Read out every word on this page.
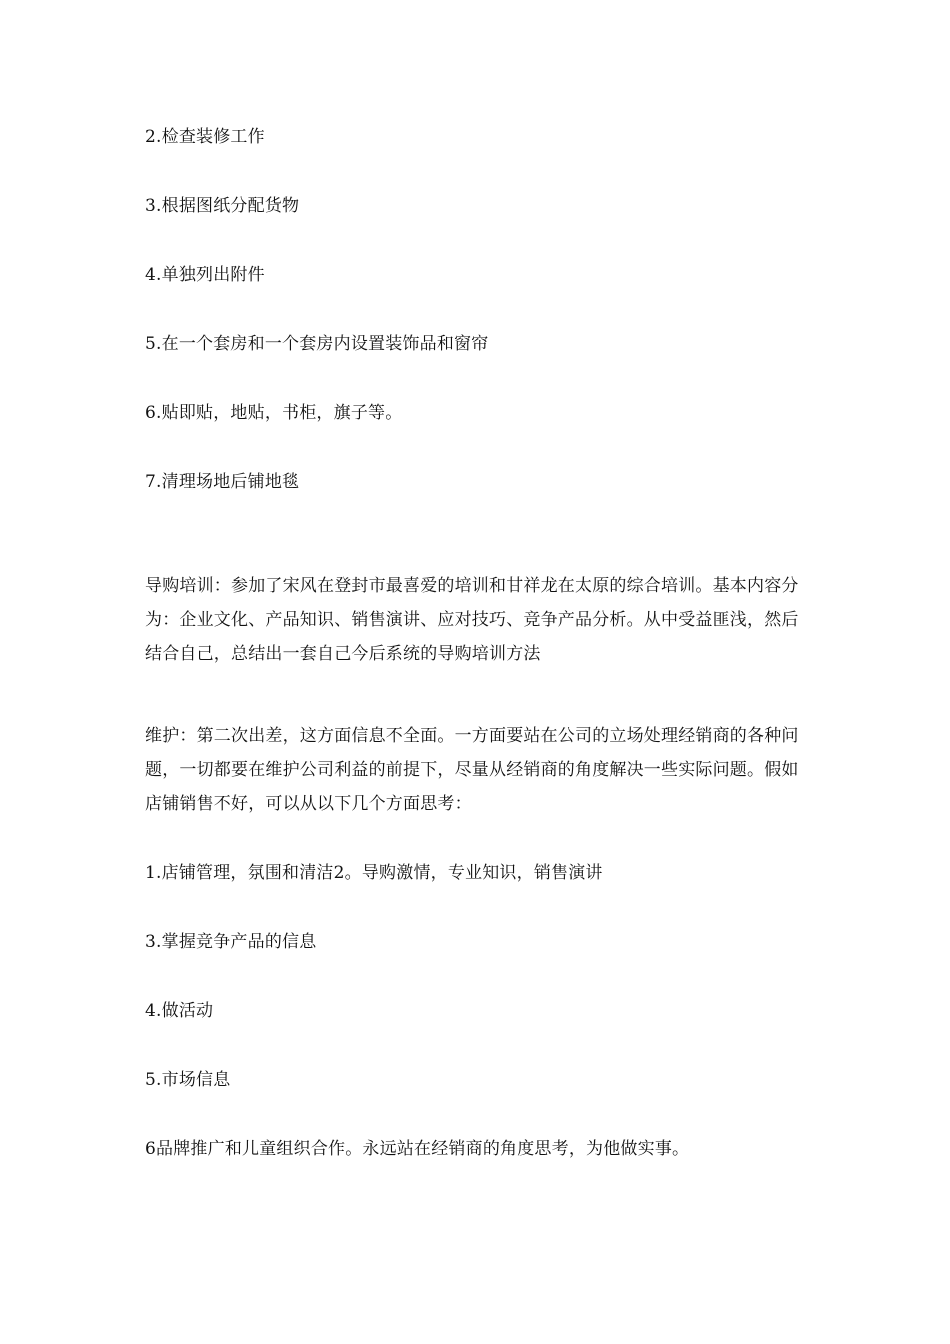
2.检查装修工作
3.根据图纸分配货物
4.单独列出附件
5.在一个套房和一个套房内设置装饰品和窗帘
6.贴即贴，地贴，书柜，旗子等。
7.清理场地后铺地毯
导购培训：参加了宋风在登封市最喜爱的培训和甘祥龙在太原的综合培训。基本内容分为：企业文化、产品知识、销售演讲、应对技巧、竞争产品分析。从中受益匪浅，然后结合自己，总结出一套自己今后系统的导购培训方法
维护：第二次出差，这方面信息不全面。一方面要站在公司的立场处理经销商的各种问题，一切都要在维护公司利益的前提下，尽量从经销商的角度解决一些实际问题。假如店铺销售不好，可以从以下几个方面思考：
1.店铺管理，氛围和清洁2。导购激情，专业知识，销售演讲
3.掌握竞争产品的信息
4.做活动
5.市场信息
6品牌推广和儿童组织合作。永远站在经销商的角度思考，为他做实事。
